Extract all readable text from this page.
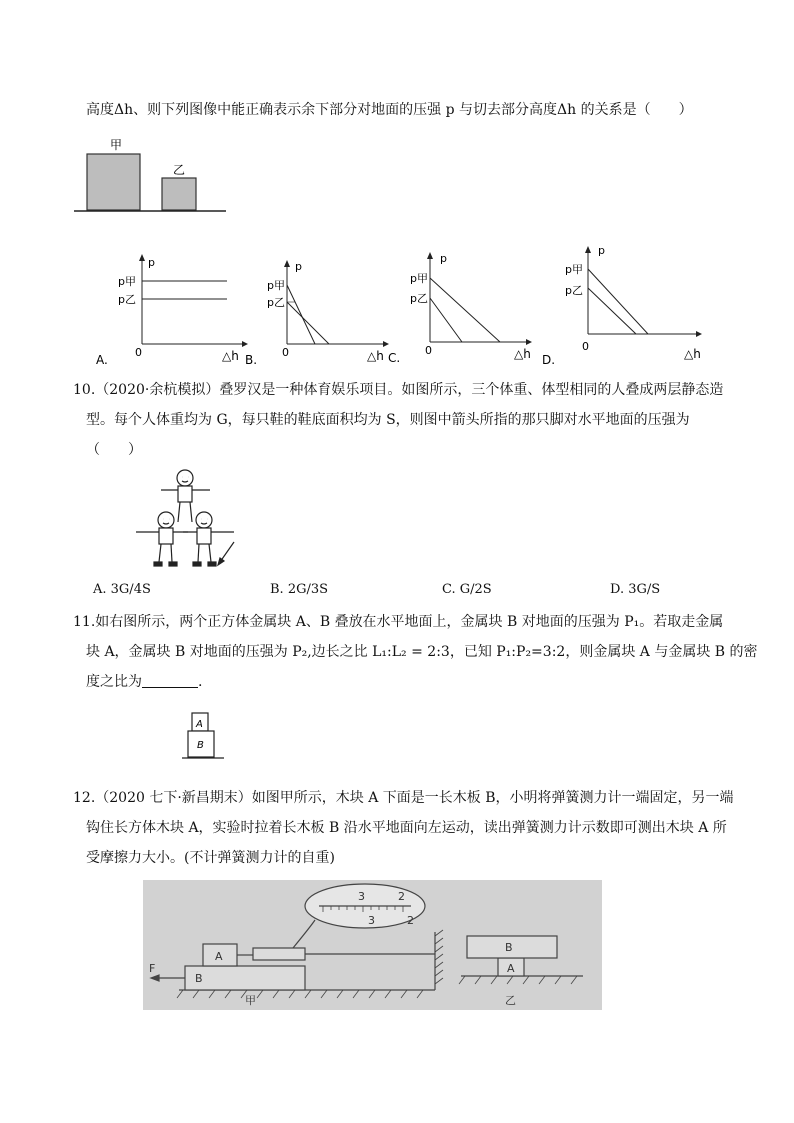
高度Δh、则下列图像中能正确表示余下部分对地面的压强 p 与切去部分高度Δh 的关系是（　　）
甲
乙
p
p甲
p乙
0	△h
A.
p
p甲
p乙
0	△h
B.
p
p甲
p乙
0	△h
C.
p
p甲
p乙
0
△h
D.
10.（2020·余杭模拟）叠罗汉是一种体育娱乐项目。如图所示，三个体重、体型相同的人叠成两层静态造
型。每个人体重均为 G，每只鞋的鞋底面积均为 S，则图中箭头所指的那只脚对水平地面的压强为
（　　）
A. 3G/4S	B. 2G/3S	C. G/2S	D. 3G/S
11.如右图所示，两个正方体金属块 A、B 叠放在水平地面上，金属块 B 对地面的压强为 P₁。若取走金属
块 A，金属块 B 对地面的压强为 P₂,边长之比 L₁:L₂ = 2:3，已知 P₁:P₂=3:2，则金属块 A 与金属块 B 的密
度之比为	.
A
B
12.（2020 七下·新昌期末）如图甲所示，木块 A 下面是一长木板 B，小明将弹簧测力计一端固定，另一端
钩住长方体木块 A，实验时拉着长木板 B 沿水平地面向左运动，读出弹簧测力计示数即可测出木块 A 所
受摩擦力大小。(不计弹簧测力计的自重)
A
B
F
甲	乙
3	2
3	2
A
B
